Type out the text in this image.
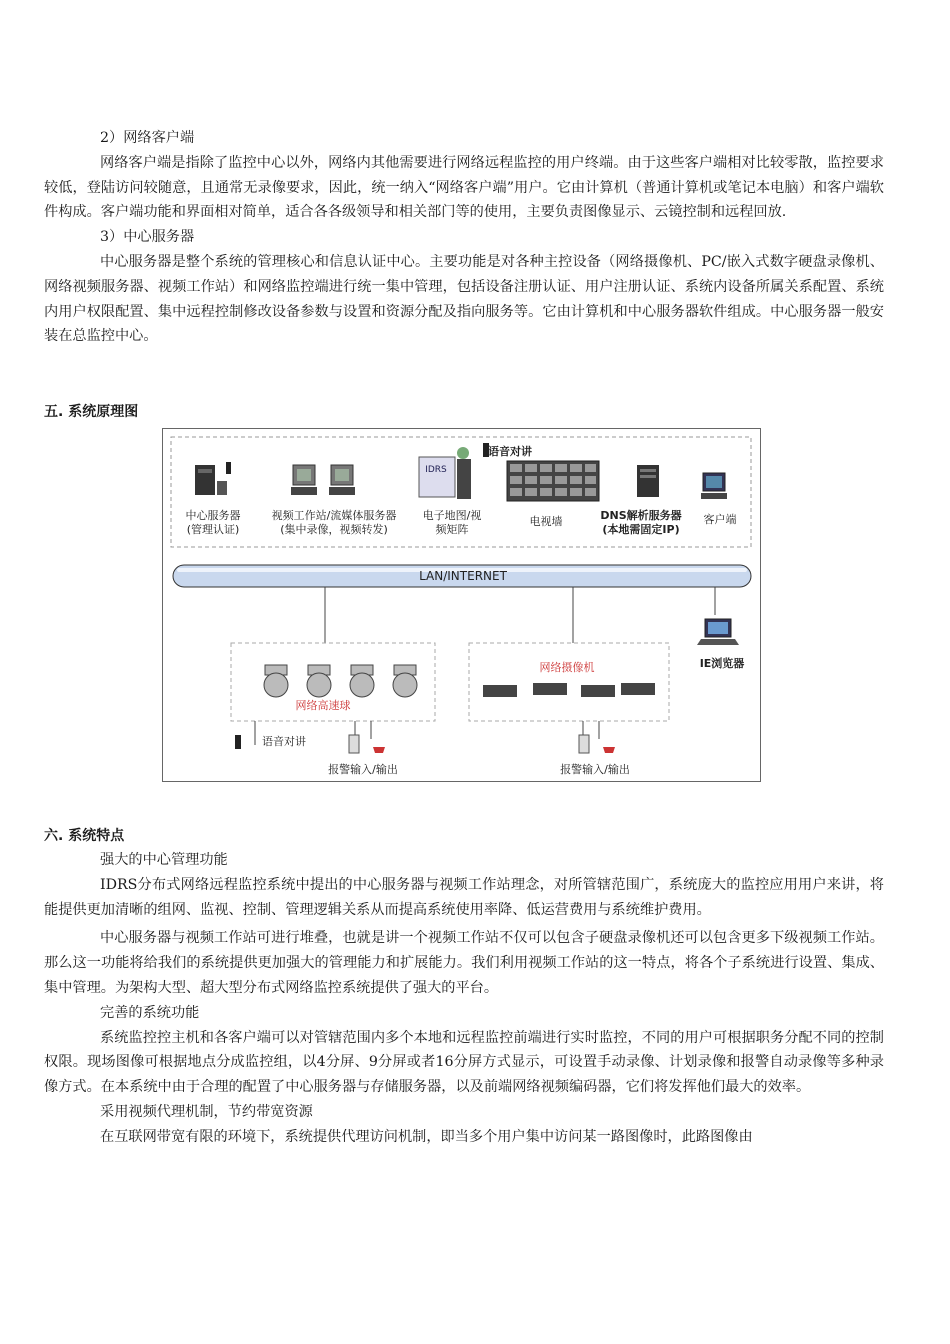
2）网络客户端

网络客户端是指除了监控中心以外，网络内其他需要进行网络远程监控的用户终端。由于这些客户端相对比较零散，监控要求较低，登陆访问较随意，且通常无录像要求，因此，统一纳入“网络客户端”用户。它由计算机（普通计算机或笔记本电脑）和客户端软件构成。客户端功能和界面相对简单，适合各各级领导和相关部门等的使用，主要负责图像显示、云镜控制和远程回放.

3）中心服务器

中心服务器是整个系统的管理核心和信息认证中心。主要功能是对各种主控设备（网络摄像机、PC/嵌入式数字硬盘录像机、网络视频服务器、视频工作站）和网络监控端进行统一集中管理，包括设备注册认证、用户注册认证、系统内设备所属关系配置、系统内用户权限配置、集中远程控制修改设备参数与设置和资源分配及指向服务等。它由计算机和中心服务器软件组成。中心服务器一般安装在总监控中心。

五. 系统原理图
语音对讲
IDRS
中心服务器
(管理认证)
视频工作站/流媒体服务器
(集中录像，视频转发)
电子地图/视
频矩阵
电视墙	DNS解析服务器
(本地需固定IP)
客户端
LAN/INTERNET
IE浏览器
网络高速球
网络摄像机
语音对讲
报警输入/输出	报警输入/输出
六. 系统特点

强大的中心管理功能

IDRS分布式网络远程监控系统中提出的中心服务器与视频工作站理念，对所管辖范围广，系统庞大的监控应用用户来讲，将能提供更加清晰的组网、监视、控制、管理逻辑关系从而提高系统使用率降、低运营费用与系统维护费用。

中心服务器与视频工作站可进行堆叠，也就是讲一个视频工作站不仅可以包含子硬盘录像机还可以包含更多下级视频工作站。那么这一功能将给我们的系统提供更加强大的管理能力和扩展能力。我们利用视频工作站的这一特点，将各个子系统进行设置、集成、集中管理。为架构大型、超大型分布式网络监控系统提供了强大的平台。

完善的系统功能

系统监控控主机和各客户端可以对管辖范围内多个本地和远程监控前端进行实时监控，不同的用户可根据职务分配不同的控制权限。现场图像可根据地点分成监控组，以4分屏、9分屏或者16分屏方式显示，可设置手动录像、计划录像和报警自动录像等多种录像方式。在本系统中由于合理的配置了中心服务器与存储服务器，以及前端网络视频编码器，它们将发挥他们最大的效率。

采用视频代理机制，节约带宽资源

在互联网带宽有限的环境下，系统提供代理访问机制，即当多个用户集中访问某一路图像时，此路图像由
